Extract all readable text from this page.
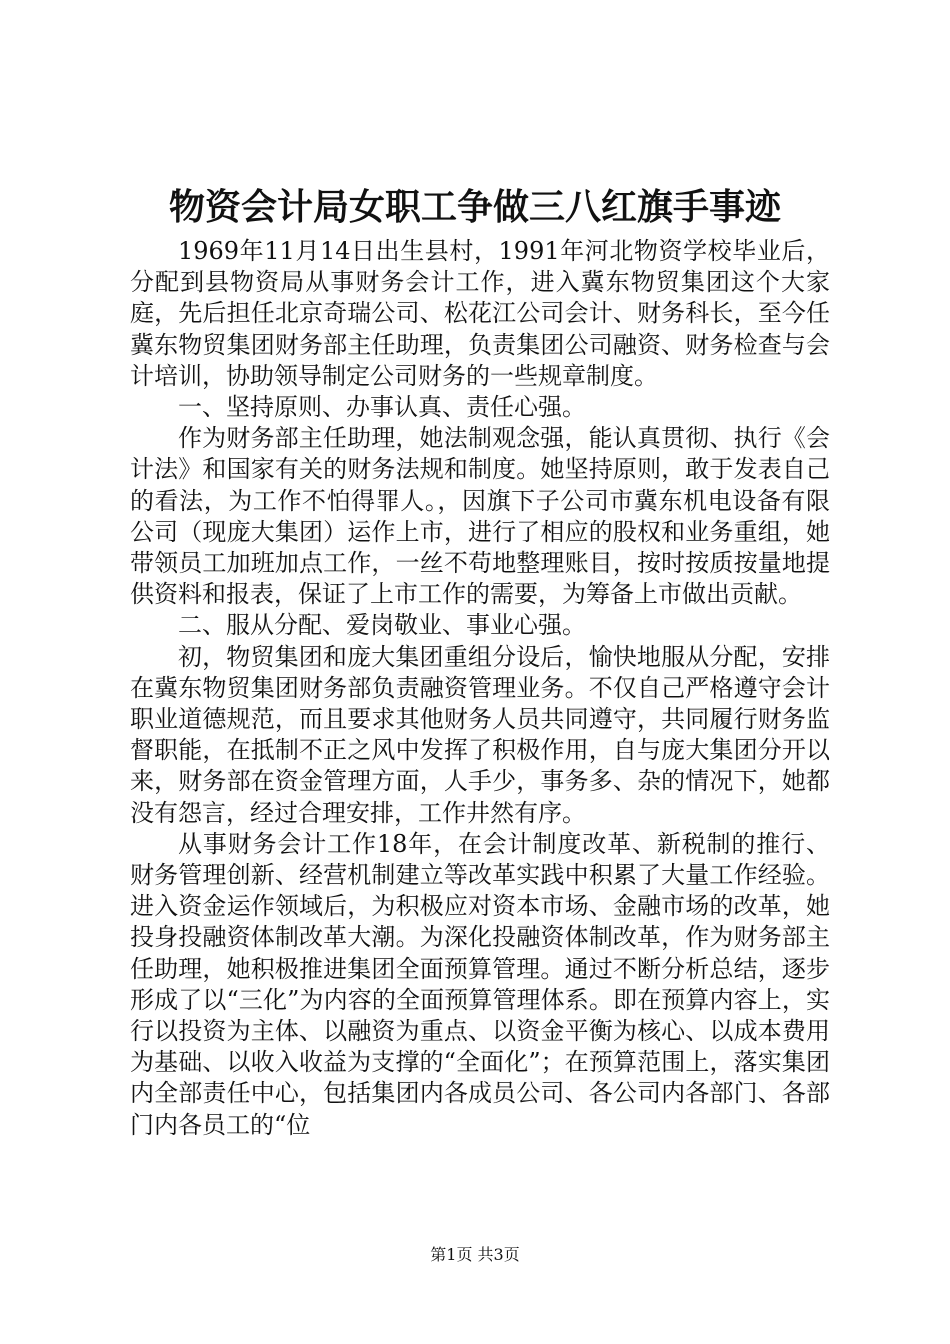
物资会计局女职工争做三八红旗手事迹

1969年11月14日出生县村，1991年河北物资学校毕业后，分配到县物资局从事财务会计工作，进入冀东物贸集团这个大家庭，先后担任北京奇瑞公司、松花江公司会计、财务科长，至今任冀东物贸集团财务部主任助理，负责集团公司融资、财务检查与会计培训，协助领导制定公司财务的一些规章制度。

一、坚持原则、办事认真、责任心强。

作为财务部主任助理，她法制观念强，能认真贯彻、执行《会计法》和国家有关的财务法规和制度。她坚持原则，敢于发表自己的看法，为工作不怕得罪人。，因旗下子公司市冀东机电设备有限公司（现庞大集团）运作上市，进行了相应的股权和业务重组，她带领员工加班加点工作，一丝不苟地整理账目，按时按质按量地提供资料和报表，保证了上市工作的需要，为筹备上市做出贡献。

二、服从分配、爱岗敬业、事业心强。

初，物贸集团和庞大集团重组分设后，愉快地服从分配，安排在冀东物贸集团财务部负责融资管理业务。不仅自己严格遵守会计职业道德规范，而且要求其他财务人员共同遵守，共同履行财务监督职能，在抵制不正之风中发挥了积极作用，自与庞大集团分开以来，财务部在资金管理方面，人手少，事务多、杂的情况下，她都没有怨言，经过合理安排，工作井然有序。

从事财务会计工作18年，在会计制度改革、新税制的推行、财务管理创新、经营机制建立等改革实践中积累了大量工作经验。进入资金运作领域后，为积极应对资本市场、金融市场的改革，她投身投融资体制改革大潮。为深化投融资体制改革，作为财务部主任助理，她积极推进集团全面预算管理。通过不断分析总结，逐步形成了以“三化”为内容的全面预算管理体系。即在预算内容上，实行以投资为主体、以融资为重点、以资金平衡为核心、以成本费用为基础、以收入收益为支撑的“全面化”；在预算范围上，落实集团内全部责任中心，包括集团内各成员公司、各公司内各部门、各部门内各员工的“位

第1页 共3页
